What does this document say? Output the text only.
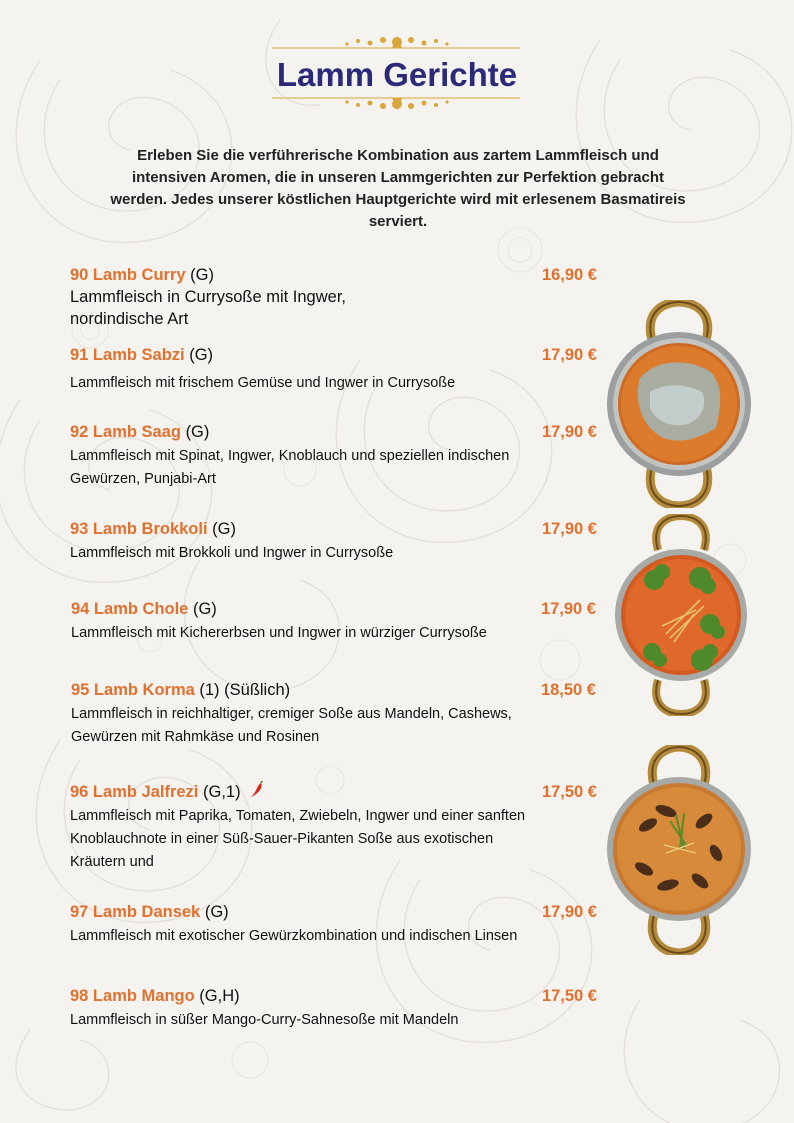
Lamm Gerichte

Erleben Sie die verführerische Kombination aus zartem Lammfleisch und intensiven Aromen, die in unseren Lammgerichten zur Perfektion gebracht werden. Jedes unserer köstlichen Hauptgerichte wird mit erlesenem Basmatireis serviert.

90 Lamb Curry (G)	16,90 €
Lammfleisch in Currysoße mit Ingwer,
nordindische Art
91 Lamb Sabzi (G)	17,90 €
Lammfleisch mit frischem Gemüse und Ingwer in Currysoße
92 Lamb Saag (G)	17,90 €
Lammfleisch mit Spinat, Ingwer, Knoblauch und speziellen indischen
Gewürzen, Punjabi-Art
93 Lamb Brokkoli (G)	17,90 €
Lammfleisch mit Brokkoli und Ingwer in Currysoße
94 Lamb Chole (G)	17,90 €
Lammfleisch mit Kichererbsen und Ingwer in würziger Currysoße
95 Lamb Korma (1) (Süßlich)	18,50 €
Lammfleisch in reichhaltiger, cremiger Soße aus Mandeln, Cashews,
Gewürzen mit Rahmkäse und Rosinen
96 Lamb Jalfrezi (G,1)	17,50 €
Lammfleisch mit Paprika, Tomaten, Zwiebeln, Ingwer und einer sanften
Knoblauchnote in einer Süß-Sauer-Pikanten Soße aus exotischen
Kräutern und
97 Lamb Dansek (G)	17,90 €
Lammfleisch mit exotischer Gewürzkombination und indischen Linsen
98 Lamb Mango (G,H)	17,50 €
Lammfleisch in süßer Mango-Curry-Sahnesoße mit Mandeln
